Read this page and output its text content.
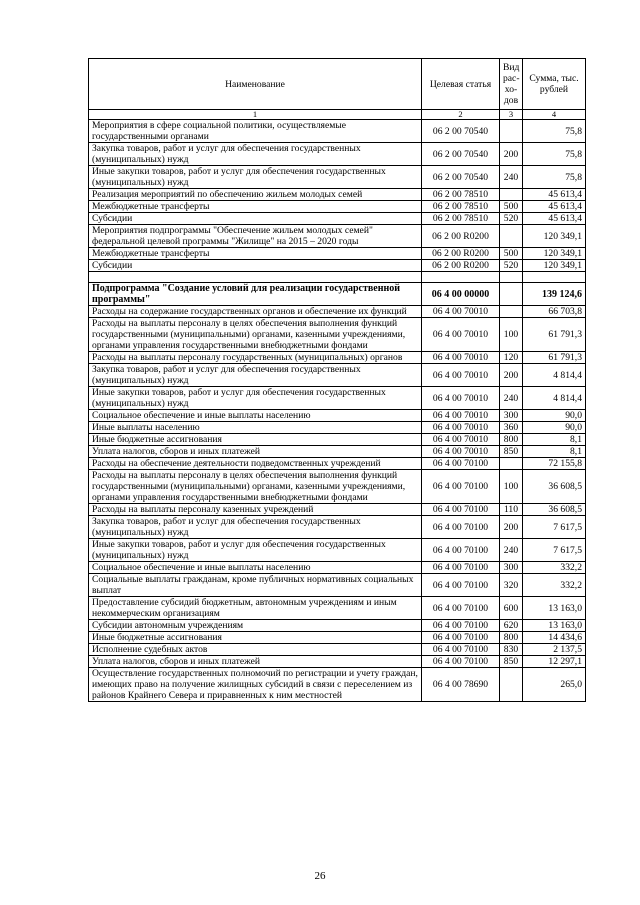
Наименование	Целевая статья	Вид рас- хо- дов	Сумма, тыс. рублей
1	2	3	4
Мероприятия в сфере социальной политики, осуществляемые государственными органами	06 2 00 70540		75,8
Закупка товаров, работ и услуг для обеспечения государственных (муниципальных) нужд	06 2 00 70540	200	75,8
Иные закупки товаров, работ и услуг для обеспечения государственных (муниципальных) нужд	06 2 00 70540	240	75,8
Реализация мероприятий по обеспечению жильем молодых семей	06 2 00 78510		45 613,4
Межбюджетные трансферты	06 2 00 78510	500	45 613,4
Субсидии	06 2 00 78510	520	45 613,4
Мероприятия подпрограммы "Обеспечение жильем молодых семей" федеральной целевой программы "Жилище" на 2015 – 2020 годы	06 2 00 R0200		120 349,1
Межбюджетные трансферты	06 2 00 R0200	500	120 349,1
Субсидии	06 2 00 R0200	520	120 349,1

Подпрограмма "Создание условий для реализации государственной программы"	06 4 00 00000		139 124,6
Расходы на содержание государственных органов и обеспечение их функций	06 4 00 70010		66 703,8
Расходы на выплаты персоналу в целях обеспечения выполнения функций государственными (муниципальными) органами, казенными учреждениями, органами управления государственными внебюджетными фондами	06 4 00 70010	100	61 791,3
Расходы на выплаты персоналу государственных (муниципальных) органов	06 4 00 70010	120	61 791,3
Закупка товаров, работ и услуг для обеспечения государственных (муниципальных) нужд	06 4 00 70010	200	4 814,4
Иные закупки товаров, работ и услуг для обеспечения государственных (муниципальных) нужд	06 4 00 70010	240	4 814,4
Социальное обеспечение и иные выплаты населению	06 4 00 70010	300	90,0
Иные выплаты населению	06 4 00 70010	360	90,0
Иные бюджетные ассигнования	06 4 00 70010	800	8,1
Уплата налогов, сборов и иных платежей	06 4 00 70010	850	8,1
Расходы на обеспечение деятельности подведомственных учреждений	06 4 00 70100		72 155,8
Расходы на выплаты персоналу в целях обеспечения выполнения функций государственными (муниципальными) органами, казенными учреждениями, органами управления государственными внебюджетными фондами	06 4 00 70100	100	36 608,5
Расходы на выплаты персоналу казенных учреждений	06 4 00 70100	110	36 608,5
Закупка товаров, работ и услуг для обеспечения государственных (муниципальных) нужд	06 4 00 70100	200	7 617,5
Иные закупки товаров, работ и услуг для обеспечения государственных (муниципальных) нужд	06 4 00 70100	240	7 617,5
Социальное обеспечение и иные выплаты населению	06 4 00 70100	300	332,2
Социальные выплаты гражданам, кроме публичных нормативных социальных выплат	06 4 00 70100	320	332,2
Предоставление субсидий бюджетным, автономным учреждениям и иным некоммерческим организациям	06 4 00 70100	600	13 163,0
Субсидии автономным учреждениям	06 4 00 70100	620	13 163,0
Иные бюджетные ассигнования	06 4 00 70100	800	14 434,6
Исполнение судебных актов	06 4 00 70100	830	2 137,5
Уплата налогов, сборов и иных платежей	06 4 00 70100	850	12 297,1
Осуществление государственных полномочий по регистрации и учету граждан, имеющих право на получение жилищных субсидий в связи с переселением из районов Крайнего Севера и приравненных к ним местностей	06 4 00 78690		265,0
26
